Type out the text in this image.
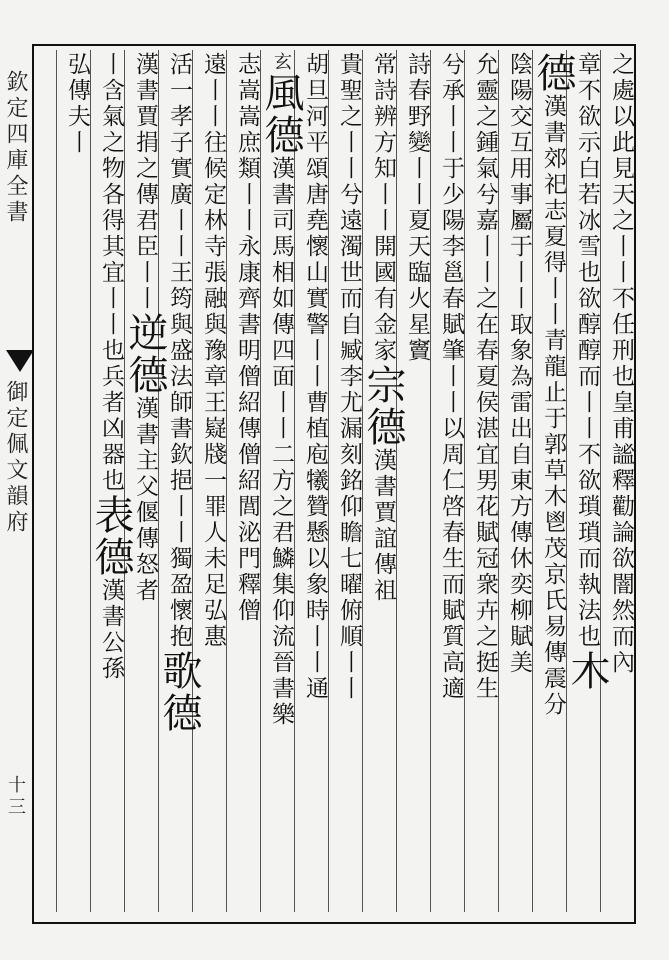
欽定四庫全書
御定佩文韻府
十三
之處以此見天之丨丨不任刑也皇甫謐釋勸論欲闇然而內
章不欲示白若冰雪也欲醇醇而丨丨不欲瑣瑣而執法也木
德漢書郊祀志夏得丨丨青龍止于郭草木鬯茂京氏易傳震分
陰陽交互用事屬于丨丨取象為雷出自東方傳休奕柳賦美
允靈之鍾氣兮嘉丨丨之在春夏侯湛宜男花賦冠衆卉之挺生
兮承丨丨于少陽李邕春賦肇丨丨以周仁啓春生而賦質高適
詩春野變丨丨夏天臨火星竇
常詩辨方知丨丨開國有金家宗德漢書賈誼傳祖
貴聖之丨丨兮遠濁世而自臧李尤漏刻銘仰瞻七曜俯順丨丨
胡旦河平頌唐堯懷山實警丨丨曹植庖犧贊懸以象時丨丨通
玄風德漢書司馬相如傳四面丨丨二方之君鱗集仰流晉書樂
志嵩嵩庶類丨丨永康齊書明僧紹傳僧紹閭泌門釋僧
遠丨丨往候定林寺張融與豫章王嶷牋一罪人未足弘惠
活一孝子實廣丨丨王筠與盛法師書欽挹丨丨獨盈懷抱歌德
漢書賈捐之傳君臣丨丨逆德漢書主父偃傳怒者
丨含氣之物各得其宜丨丨也兵者凶器也表德漢書公孫
弘傳夫丨
